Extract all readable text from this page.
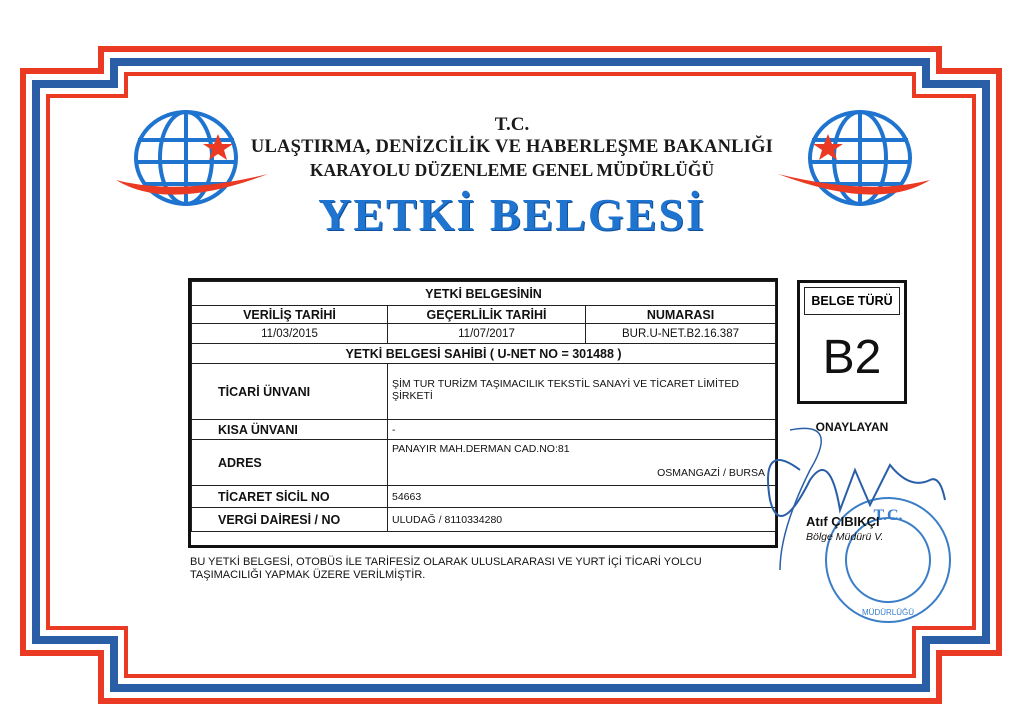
T.C.
ULAŞTIRMA, DENİZCİLİK VE HABERLEŞME BAKANLIĞI
KARAYOLU DÜZENLEME GENEL MÜDÜRLÜĞÜ
YETKİ BELGESİ
YETKİ BELGESİNİN		
VERİLİŞ TARİHİ	GEÇERLİLİK TARİHİ	NUMARASI
11/03/2015	11/07/2017	BUR.U-NET.B2.16.387
YETKİ BELGESİ SAHİBİ ( U-NET NO = 301488 )		
TİCARİ ÜNVANI	ŞİM TUR TURİZM TAŞIMACILIK TEKSTİL SANAYİ VE TİCARET LİMİTED ŞİRKETİ	
KISA ÜNVANI	-	
ADRES	PANAYIR MAH.DERMAN CAD.NO:81
OSMANGAZİ / BURSA	

TİCARET SİCİL NO	54663	
VERGİ DAİRESİ / NO	ULUDAĞ / 8110334280	
BELGE TÜRÜ
B2
ONAYLAYAN
T.C.
MÜDÜRLÜĞÜ
Atıf ÇIBIKÇI
Bölge Müdürü V.
BU YETKİ BELGESİ, OTOBÜS İLE TARİFESİZ OLARAK ULUSLARARASI VE YURT İÇİ TİCARİ YOLCU
TAŞIMACILIĞI YAPMAK ÜZERE VERİLMİŞTİR.
